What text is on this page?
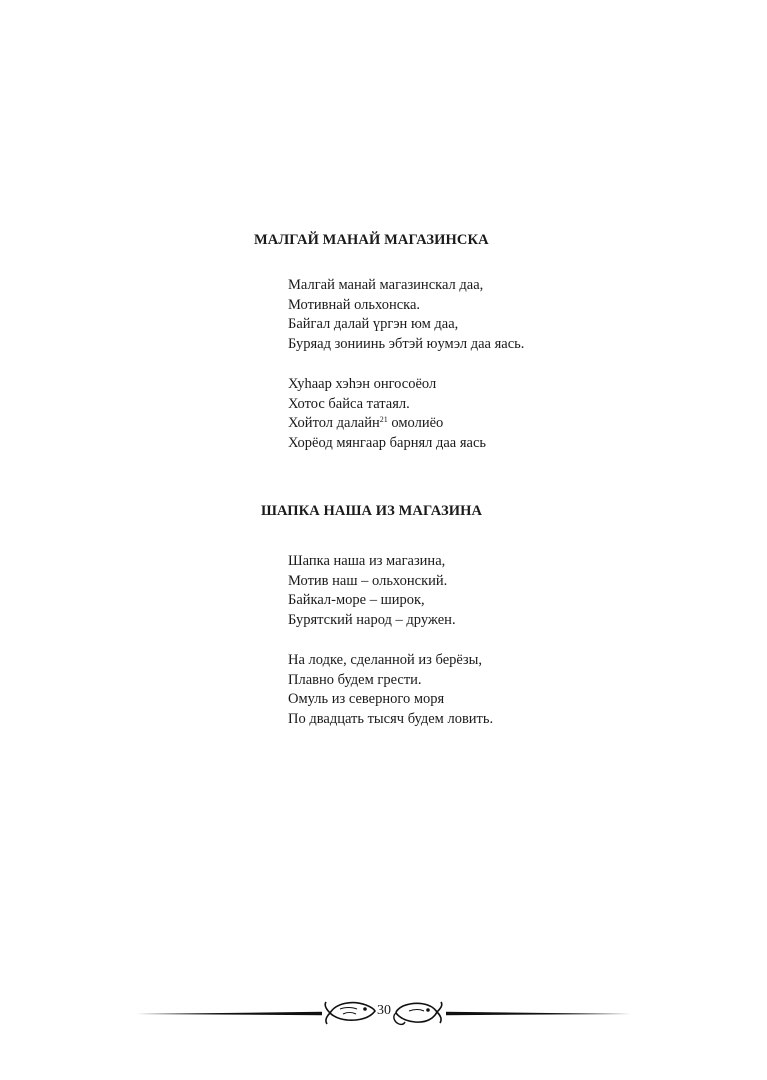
МАЛГАЙ МАНАЙ МАГАЗИНСКА
Малгай манай магазинскал даа,
Мотивнай ольхонска.
Байгал далай үргэн юм даа,
Буряад зониинь эбтэй юумэл даа яась.
Хуhаар хэhэн онгосоёол
Хотос байса татаял.
Хойтол далайн$^{21}$ омолиёо
Хорёод мянгаар барнял даа яась
ШАПКА НАША ИЗ МАГАЗИНА
Шапка наша из магазина,
Мотив наш – ольхонский.
Байкал-море – широк,
Бурятский народ – дружен.
На лодке, сделанной из берёзы,
Плавно будем грести.
Омуль из северного моря
По двадцать тысяч будем ловить.
30
